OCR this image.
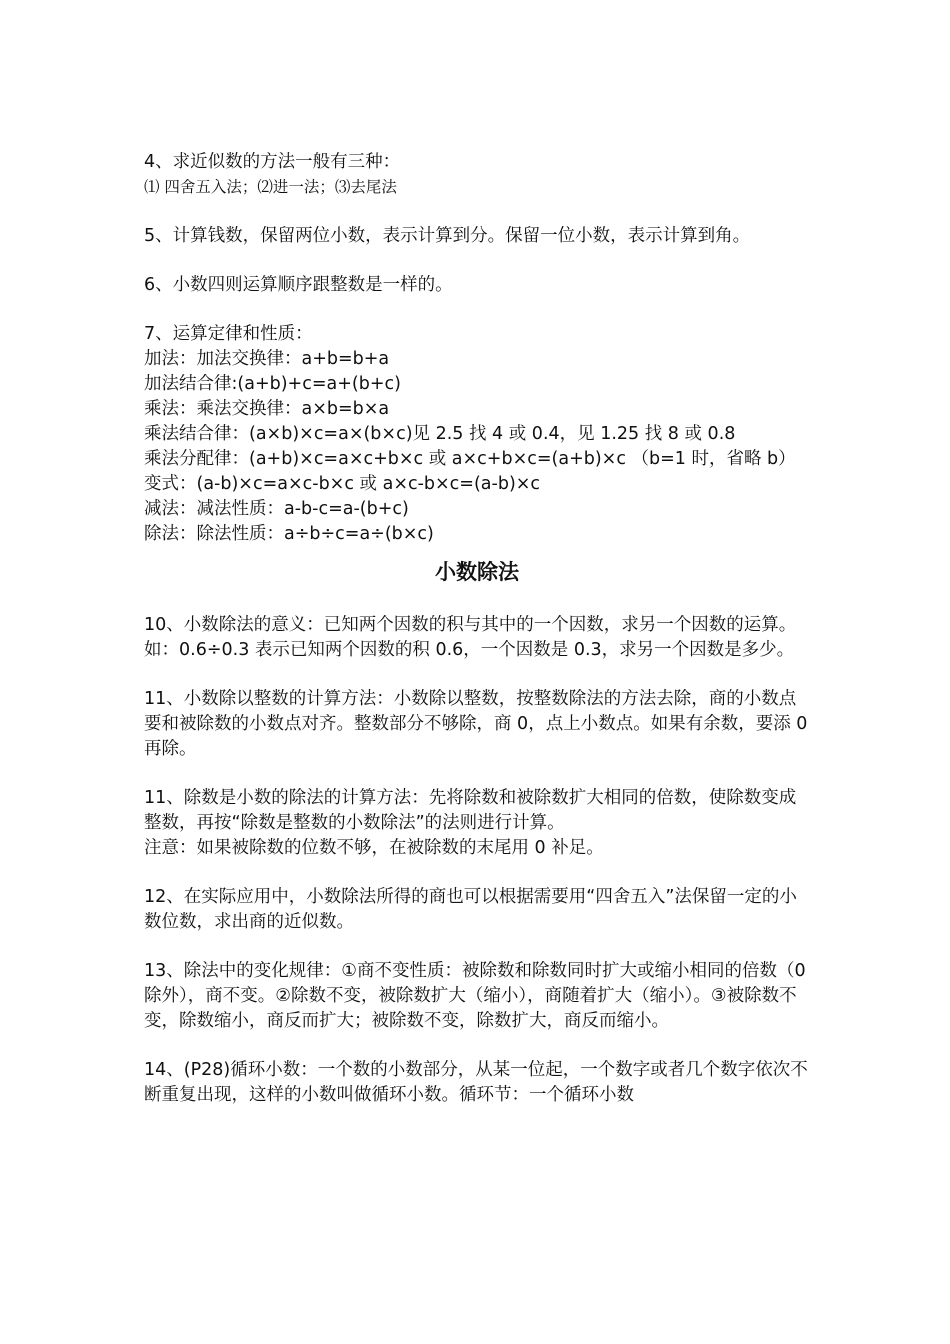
4、求近似数的方法一般有三种：

⑴ 四舍五入法；⑵进一法；⑶去尾法

5、计算钱数，保留两位小数，表示计算到分。保留一位小数，表示计算到角。

6、小数四则运算顺序跟整数是一样的。

7、运算定律和性质：

加法：加法交换律：a+b=b+a

加法结合律:(a+b)+c=a+(b+c)

乘法：乘法交换律：a×b=b×a

乘法结合律：(a×b)×c=a×(b×c)见 2.5 找 4 或 0.4，见 1.25 找 8 或 0.8

乘法分配律：(a+b)×c=a×c+b×c 或 a×c+b×c=(a+b)×c （b=1 时，省略 b）

变式：(a-b)×c=a×c-b×c 或 a×c-b×c=(a-b)×c

减法：减法性质：a-b-c=a-(b+c)

除法：除法性质：a÷b÷c=a÷(b×c)

小数除法

10、小数除法的意义：已知两个因数的积与其中的一个因数，求另一个因数的运算。如：0.6÷0.3 表示已知两个因数的积 0.6，一个因数是 0.3，求另一个因数是多少。

11、小数除以整数的计算方法：小数除以整数，按整数除法的方法去除，商的小数点要和被除数的小数点对齐。整数部分不够除，商 0，点上小数点。如果有余数，要添 0 再除。

11、除数是小数的除法的计算方法：先将除数和被除数扩大相同的倍数，使除数变成整数，再按“除数是整数的小数除法”的法则进行计算。

注意：如果被除数的位数不够，在被除数的末尾用 0 补足。

12、在实际应用中，小数除法所得的商也可以根据需要用“四舍五入”法保留一定的小数位数，求出商的近似数。

13、除法中的变化规律：①商不变性质：被除数和除数同时扩大或缩小相同的倍数（0 除外），商不变。②除数不变，被除数扩大（缩小），商随着扩大（缩小）。③被除数不变，除数缩小，商反而扩大；被除数不变，除数扩大，商反而缩小。

14、(P28)循环小数：一个数的小数部分，从某一位起，一个数字或者几个数字依次不断重复出现，这样的小数叫做循环小数。循环节：一个循环小数
